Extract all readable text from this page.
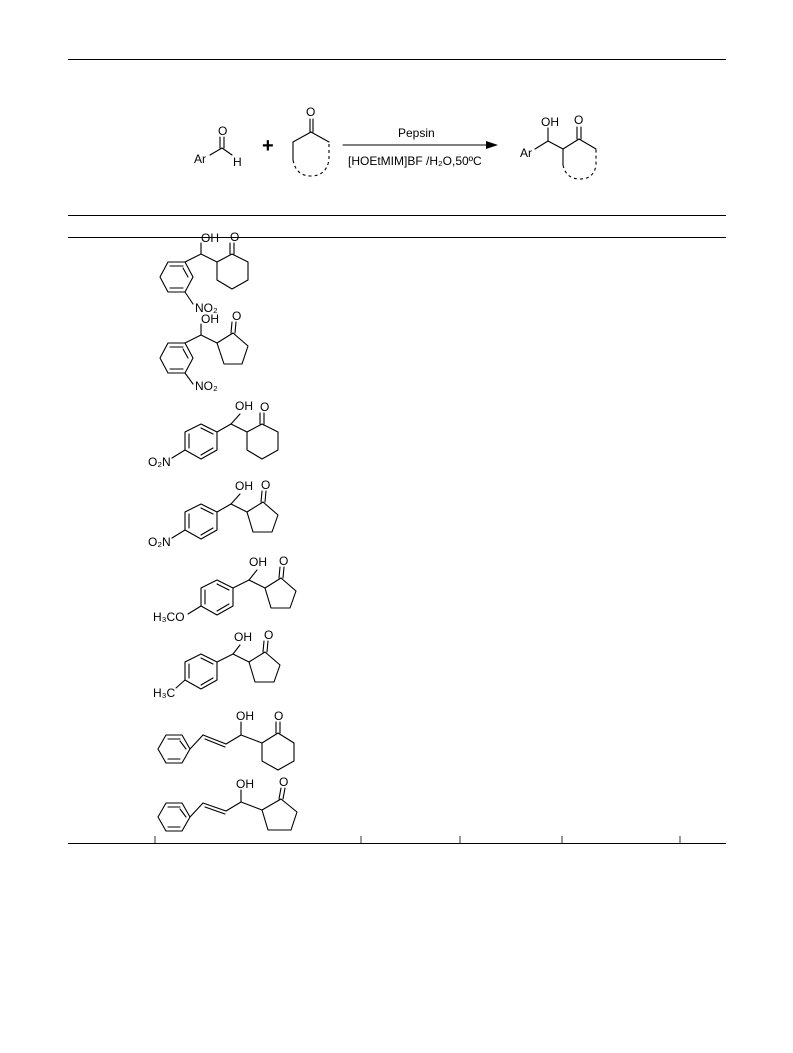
Ar
O
H
+
O
Pepsin
[HOEtMIM]BF /H₂O,50ºC
OH O
Ar
OH O
NO₂
OH O
NO₂
OH O
O₂N
OH O
O₂N
OH O
H₃CO
OH O
H₃C
OH O
OH O
